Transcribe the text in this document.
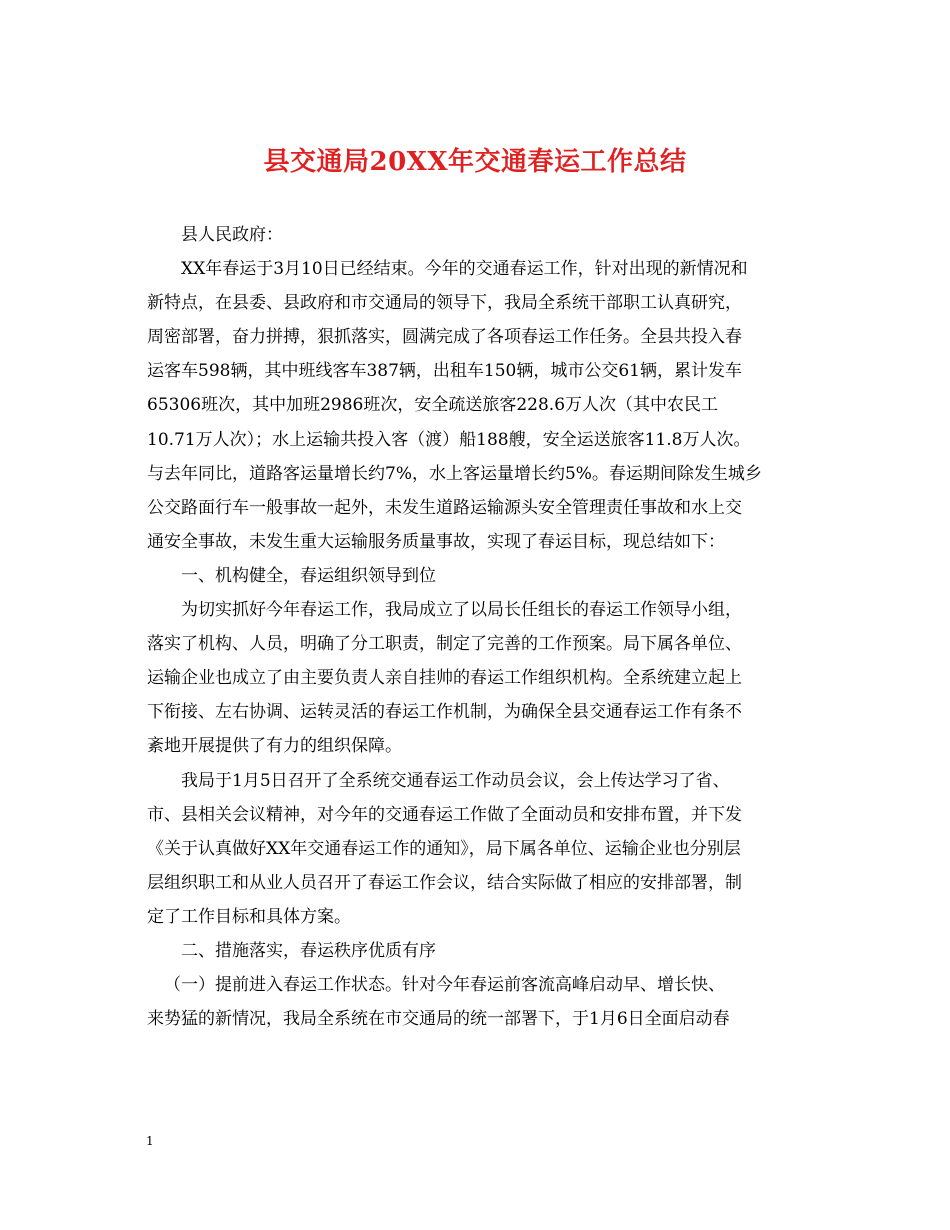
县交通局20XX年交通春运工作总结
县人民政府：
XX年春运于3月10日已经结束。今年的交通春运工作，针对出现的新情况和
新特点，在县委、县政府和市交通局的领导下，我局全系统干部职工认真研究，
周密部署，奋力拼搏，狠抓落实，圆满完成了各项春运工作任务。全县共投入春
运客车598辆，其中班线客车387辆，出租车150辆，城市公交61辆，累计发车
65306班次，其中加班2986班次，安全疏送旅客228.6万人次（其中农民工
10.71万人次）；水上运输共投入客（渡）船188艘，安全运送旅客11.8万人次。
与去年同比，道路客运量增长约7%，水上客运量增长约5%。春运期间除发生城乡
公交路面行车一般事故一起外，未发生道路运输源头安全管理责任事故和水上交
通安全事故，未发生重大运输服务质量事故，实现了春运目标，现总结如下：
一、机构健全，春运组织领导到位
为切实抓好今年春运工作，我局成立了以局长任组长的春运工作领导小组，
落实了机构、人员，明确了分工职责，制定了完善的工作预案。局下属各单位、
运输企业也成立了由主要负责人亲自挂帅的春运工作组织机构。全系统建立起上
下衔接、左右协调、运转灵活的春运工作机制，为确保全县交通春运工作有条不
紊地开展提供了有力的组织保障。
我局于1月5日召开了全系统交通春运工作动员会议，会上传达学习了省、
市、县相关会议精神，对今年的交通春运工作做了全面动员和安排布置，并下发
《关于认真做好XX年交通春运工作的通知》，局下属各单位、运输企业也分别层
层组织职工和从业人员召开了春运工作会议，结合实际做了相应的安排部署，制
定了工作目标和具体方案。
二、措施落实，春运秩序优质有序
（一）提前进入春运工作状态。针对今年春运前客流高峰启动早、增长快、
来势猛的新情况，我局全系统在市交通局的统一部署下，于1月6日全面启动春
1
